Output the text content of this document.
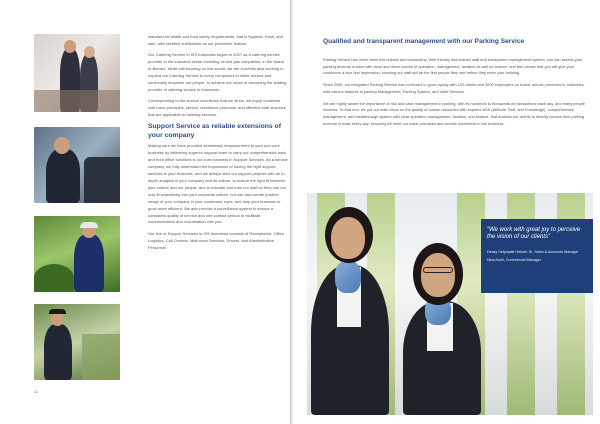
standard for health and food safety requirements, that is hygienic, fresh, and safe, with certified nutritionists as our prominent feature.

Our Catering Service in ISS Indonesia began in 2007 as a catering service provider in the industrial sector including oil and gas companies, in the island of Borneo. While still focusing on this sector, we are currently also working to expand our Catering Service to every companies in wider sectors and continually empower our people, to achieve our vision in becoming the leading provider of catering service in Indonesia.

Corresponding to the service excellence that we strive, we equip ourselves with basic principles, service excellence protocols, and effective staff structure that are applicable to catering services.

Support Service as reliable extensions of your company

Making sure we have provided seamlessly empowerment to your non-core business by delivering superior support team to carry out comprehensive back and front office functions is our core business in Support Services. As a service company, we fully understand the importance of having the right support services in your business, and we always start our support projects with an in-depth analysis of your company and its culture, to ensure the right fit between your culture and our people, and to educate and train our staff so they can not only fit seamlessly into your corporate culture, but can also create positive image of your company in your customers' eyes, and help your business to grow more efficient. We also provide a surveillance system to ensure a consistent quality of service and one contact person to facilitate communication and coordination with you.

Our line of Support Services in ISS Indonesia consists of Receptionist, Office Logistics, Call Centers, Mail-room Services, Drivers, and Administrative Personnel.

11
Qualified and transparent management with our Parking Service

Parking Service has never been this reliable and trustworthy. With friendly well-trained staff and transparent management system, you can access your parking revenue in ease with clear and direct course of operation, management, taxation as well as finance, and feel certain that you will give your customers a nice first impression, knowing our staff will be the first people they see before they enter your building.

Since 2006, our integrated Parking Service has continued to grow rapidly with 120 clients and 3000 employees on board, across provinces in Indonesia, with various features in parking Management, Parking System, and Valet Services.

We are highly aware the importance of risk and cash management in parking, with its hundreds to thousands of transactions each day, and many people involved. To that end, we put our main focus on the quality of human resources with superior ASK (Attitude, Skill, and Knowledge), comprehensive management, and breakthrough system with clear operation management, taxation, and finance, that enables our clients to directly access their parking revenue in ease every day; ensuring we meet our basic principles and service excellence in the business.

“We work with great joy to perceive the vision of our clients”
Dessy Setyowati Hersini, Sr. Sales & Accounts Manager
Nina Arsih, Commercial Manager
